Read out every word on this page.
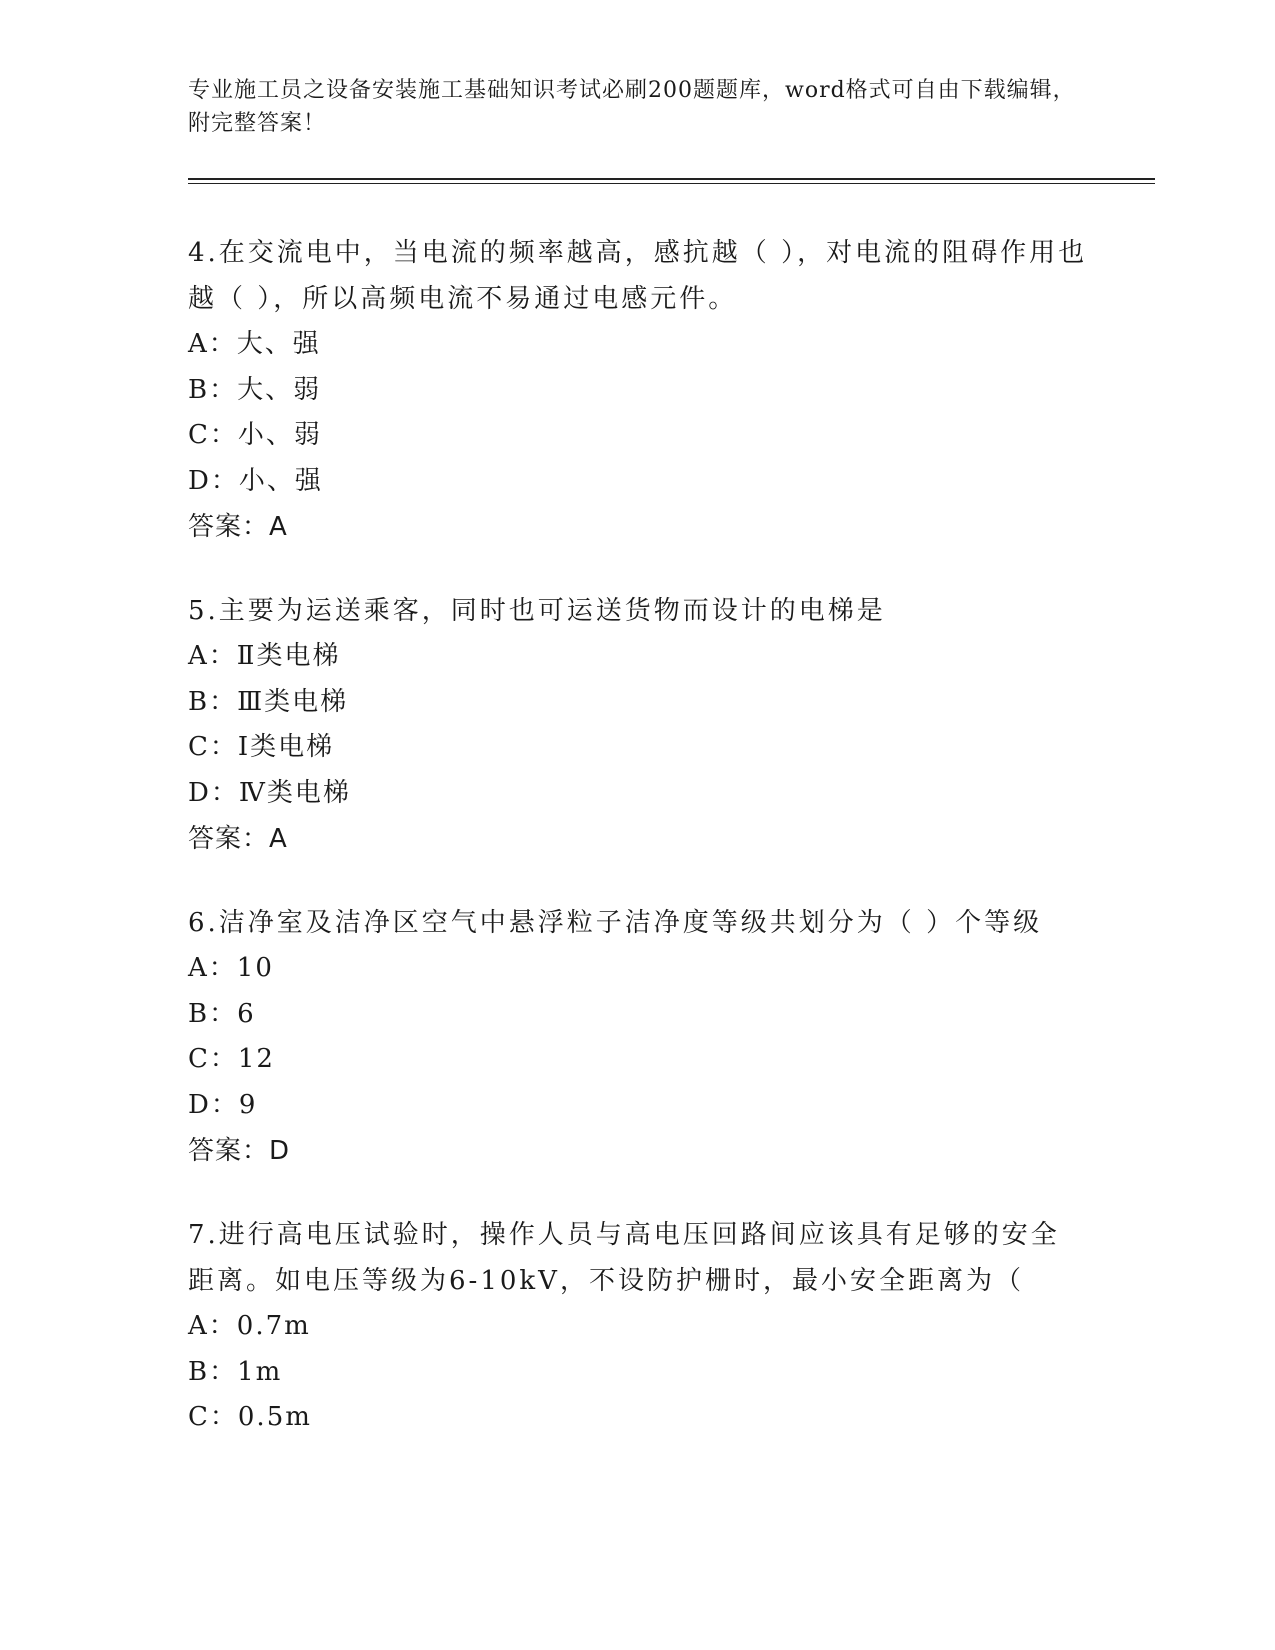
专业施工员之设备安装施工基础知识考试必刷200题题库，word格式可自由下载编辑，附完整答案！

4.在交流电中，当电流的频率越高，感抗越（ ），对电流的阻碍作用也越（ ），所以高频电流不易通过电感元件。

A：大、强

B：大、弱

C：小、弱

D：小、强

答案：A

5.主要为运送乘客，同时也可运送货物而设计的电梯是

A：Ⅱ类电梯

B：Ⅲ类电梯

C：Ⅰ类电梯

D：Ⅳ类电梯

答案：A

6.洁净室及洁净区空气中悬浮粒子洁净度等级共划分为（ ）个等级

A：10

B：6

C：12

D：9

答案：D

7.进行高电压试验时，操作人员与高电压回路间应该具有足够的安全距离。如电压等级为6-10kV，不设防护栅时，最小安全距离为（

A：0.7m

B：1m

C：0.5m
